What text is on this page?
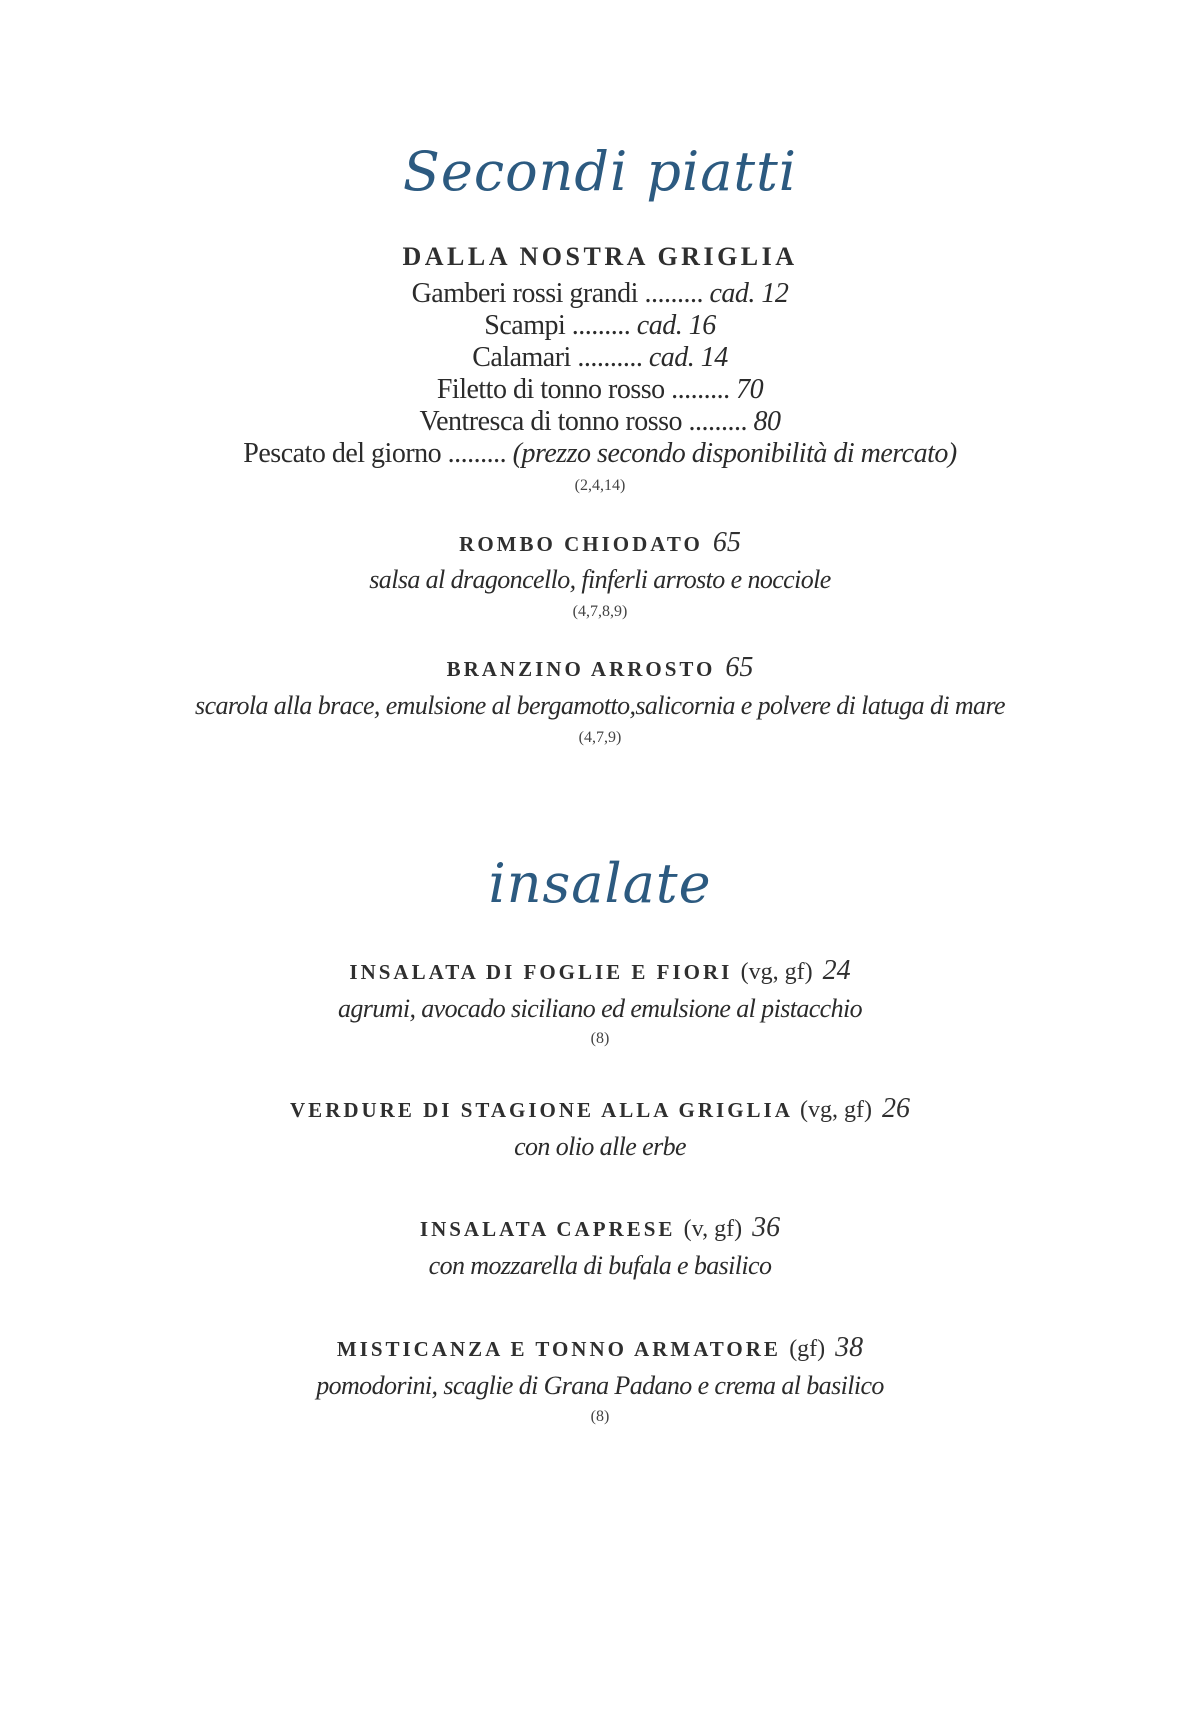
Secondi piatti
DALLA NOSTRA GRIGLIA
Gamberi rossi grandi ......... cad. 12
Scampi ......... cad. 16
Calamari .......... cad. 14
Filetto di tonno rosso ......... 70
Ventresca di tonno rosso ......... 80
Pescato del giorno ......... (prezzo secondo disponibilità di mercato)
(2,4,14)
ROMBO CHIODATO 65
salsa al dragoncello, finferli arrosto e nocciole
(4,7,8,9)
BRANZINO ARROSTO 65
scarola alla brace, emulsione al bergamotto,salicornia e polvere di latuga di mare
(4,7,9)
insalate
INSALATA DI FOGLIE E FIORI (vg, gf) 24
agrumi, avocado siciliano ed emulsione al pistacchio
(8)
VERDURE DI STAGIONE ALLA GRIGLIA (vg, gf) 26
con olio alle erbe
INSALATA CAPRESE (v, gf) 36
con mozzarella di bufala e basilico
MISTICANZA E TONNO ARMATORE (gf) 38
pomodorini, scaglie di Grana Padano e crema al basilico
(8)
